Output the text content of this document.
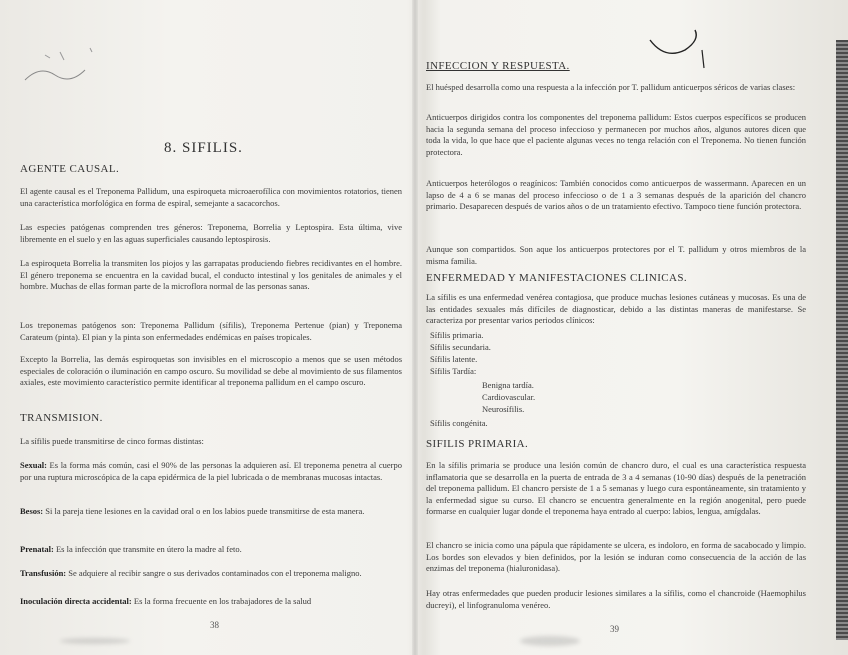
8. SIFILIS.
AGENTE CAUSAL.

El agente causal es el Treponema Pallidum, una espiroqueta microaerofílica con movimientos rotatorios, tienen una característica morfológica en forma de espiral, semejante a sacacorchos.

Las especies patógenas comprenden tres géneros: Treponema, Borrelia y Leptospira. Esta última, vive libremente en el suelo y en las aguas superficiales causando leptospirosis.

La espiroqueta Borrelia la transmiten los piojos y las garrapatas produciendo fiebres recidivantes en el hombre. El género treponema se encuentra en la cavidad bucal, el conducto intestinal y los genitales de animales y el hombre. Muchas de ellas forman parte de la microflora normal de las personas sanas.

Los treponemas patógenos son: Treponema Pallidum (sífilis), Treponema Pertenue (pian) y Treponema Carateum (pinta). El pian y la pinta son enfermedades endémicas en países tropicales.

Excepto la Borrelia, las demás espiroquetas son invisibles en el microscopio a menos que se usen métodos especiales de coloración o iluminación en campo oscuro. Su movilidad se debe al movimiento de sus filamentos axiales, este movimiento característico permite identificar al treponema pallidum en el campo oscuro.

TRANSMISION.

La sífilis puede transmitirse de cinco formas distintas:

Sexual: Es la forma más común, casi el 90% de las personas la adquieren así. El treponema penetra al cuerpo por una ruptura microscópica de la capa epidérmica de la piel lubricada o de membranas mucosas intactas.

Besos: Si la pareja tiene lesiones en la cavidad oral o en los labios puede transmitirse de esta manera.

Prenatal: Es la infección que transmite en útero la madre al feto.

Transfusión: Se adquiere al recibir sangre o sus derivados contaminados con el treponema maligno.

Inoculación directa accidental: Es la forma frecuente en los trabajadores de la salud

38
INFECCION Y RESPUESTA.

El huésped desarrolla como una respuesta a la infección por T. pallidum anticuerpos séricos de varias clases:

Anticuerpos dirigidos contra los componentes del treponema pallidum: Estos cuerpos específicos se producen hacia la segunda semana del proceso infeccioso y permanecen por muchos años, algunos autores dicen que toda la vida, lo que hace que el paciente algunas veces no tenga relación con el Treponema. No tienen función protectora.

Anticuerpos heterólogos o reagínicos: También conocidos como anticuerpos de wassermann. Aparecen en un lapso de 4 a 6 se manas del proceso infeccioso o de 1 a 3 semanas después de la aparición del chancro primario. Desaparecen después de varios años o de un tratamiento efectivo. Tampoco tiene función protectora.

Aunque son compartidos. Son aque los anticuerpos protectores por el T. pallidum y otros miembros de la misma familia.

ENFERMEDAD Y MANIFESTACIONES CLINICAS.

La sífilis es una enfermedad venérea contagiosa, que produce muchas lesiones cutáneas y mucosas. Es una de las entidades sexuales más difíciles de diagnosticar, debido a las distintas maneras de manifestarse. Se caracteriza por presentar varios periodos clínicos:

Sífilis primaria.
Sífilis secundaria.
Sífilis latente.
Sífilis Tardía:
Benigna tardía.
Cardiovascular.
Neurosífilis.
Sífilis congénita.
SIFILIS PRIMARIA.

En la sífilis primaria se produce una lesión común de chancro duro, el cual es una característica respuesta inflamatoria que se desarrolla en la puerta de entrada de 3 a 4 semanas (10-90 días) después de la penetración del treponema pallidum. El chancro persiste de 1 a 5 semanas y luego cura espontáneamente, sin tratamiento y la enfermedad sigue su curso. El chancro se encuentra generalmente en la región anogenital, pero puede formarse en cualquier lugar donde el treponema haya entrado al cuerpo: labios, lengua, amígdalas.

El chancro se inicia como una pápula que rápidamente se ulcera, es indoloro, en forma de sacabocado y limpio. Los bordes son elevados y bien definidos, por la lesión se induran como consecuencia de la acción de las enzimas del treponema (hialuronidasa).

Hay otras enfermedades que pueden producir lesiones similares a la sífilis, como el chancroide (Haemophilus ducreyi), el linfogranuloma venéreo.

39
